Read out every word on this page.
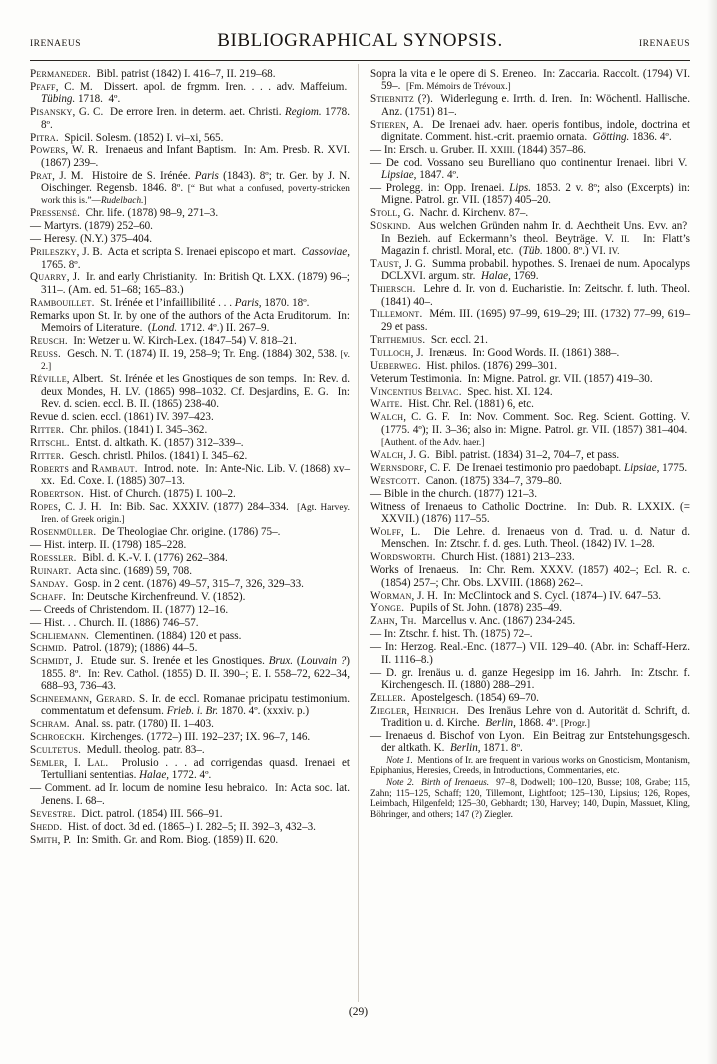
IRENAEUS	BIBLIOGRAPHICAL SYNOPSIS.	IRENAEUS

Permaneder.  Bibl. patrist (1842) I. 416–7, II. 219–68.

Pfaff, C. M.  Dissert. apol. de frgmm. Iren. . . . adv. Maffeium.  Tübing. 1718.  4º.

Pisansky, G. C.  De errore Iren. in determ. aet. Christi. Regiom. 1778. 8º.

Pitra.  Spicil. Solesm. (1852) I. vi–xi, 565.

Powers, W. R.  Irenaeus and Infant Baptism.  In: Am. Presb. R. XVI. (1867) 239–.

Prat, J. M.  Histoire de S. Irénée. Paris (1843). 8º; tr. Ger. by J. N. Oischinger. Regensb. 1846. 8º. [“ But what a confused, poverty-stricken work this is.”—Rudelbach.]

Pressensé.  Chr. life. (1878) 98–9, 271–3.

— Martyrs. (1879) 252–60.

— Heresy. (N.Y.) 375–404.

Prileszky, J. B.  Acta et scripta S. Irenaei episcopo et mart.  Cassoviae, 1765. 8º.

Quarry, J.  Ir. and early Christianity.  In: British Qt. LXX. (1879) 96–; 311–. (Am. ed. 51–68; 165–83.)

Rambouillet.  St. Irénée et l’infaillibilité . . . Paris, 1870. 18º.

Remarks upon St. Ir. by one of the authors of the Acta Eruditorum.  In: Memoirs of Literature.  (Lond. 1712. 4º.) II. 267–9.

Reusch.  In: Wetzer u. W. Kirch-Lex. (1847–54) V. 818–21.

Reuss.  Gesch. N. T. (1874) II. 19, 258–9; Tr. Eng. (1884) 302, 538. [v. 2.]

Réville, Albert.  St. Irénée et les Gnostiques de son temps.  In: Rev. d. deux Mondes, H. LV. (1865) 998–1032. Cf. Desjardins, E. G.  In: Rev. d. scien. eccl. B. II. (1865) 238-40.

Revue d. scien. eccl. (1861) IV. 397–423.

Ritter.  Chr. philos. (1841) I. 345–362.

Ritschl.  Entst. d. altkath. K. (1857) 312–339–.

Ritter.  Gesch. christl. Philos. (1841) I. 345–62.

Roberts and Rambaut.  Introd. note.  In: Ante-Nic. Lib. V. (1868) xv–xx.  Ed. Coxe. I. (1885) 307–13.

Robertson.  Hist. of Church. (1875) I. 100–2.

Ropes, C. J. H.  In: Bib. Sac. XXXIV. (1877) 284–334.  [Agt. Harvey. Iren. of Greek origin.]

Rosenmüller.  De Theologiae Chr. origine. (1786) 75–.

— Hist. interp. II. (1798) 185–228.

Roessler.  Bibl. d. K.-V. I. (1776) 262–384.

Ruinart.  Acta sinc. (1689) 59, 708.

Sanday.  Gosp. in 2 cent. (1876) 49–57, 315–7, 326, 329–33.

Schaff.  In: Deutsche Kirchenfreund. V. (1852).

— Creeds of Christendom. II. (1877) 12–16.

— Hist. . . Church. II. (1886) 746–57.

Schliemann.  Clementinen. (1884) 120 et pass.

Schmid.  Patrol. (1879); (1886) 44–5.

Schmidt, J.  Etude sur. S. Irenée et les Gnostiques. Brux. (Louvain ?) 1855. 8º.  In: Rev. Cathol. (1855) D. II. 390–; E. I. 558–72, 622–34, 688–93, 736–43.

Schneemann, Gerard. S. Ir. de eccl. Romanae pricipatu testimonium. commentatum et defensum. Frieb. i. Br. 1870. 4º. (xxxiv. p.)

Schram.  Anal. ss. patr. (1780) II. 1–403.

Schroeckh.  Kirchenges. (1772–) III. 192–237; IX. 96–7, 146.

Scultetus.  Medull. theolog. patr. 83–.

Semler, I. Lal.  Prolusio . . . ad corrigendas quasd. Irenaei et Tertulliani sententias. Halae, 1772. 4º.

— Comment. ad Ir. locum de nomine Iesu hebraico.  In: Acta soc. lat. Jenens. I. 68–.

Sevestre.  Dict. patrol. (1854) III. 566–91.

Shedd.  Hist. of doct. 3d ed. (1865–) I. 282–5; II. 392–3, 432–3.

Smith, P.  In: Smith. Gr. and Rom. Biog. (1859) II. 620.

Sopra la vita e le opere di S. Ereneo.  In: Zaccaria. Raccolt. (1794) VI. 59–.  [Fm. Mémoirs de Trévoux.]

Stiebnitz (?).  Widerlegung e. Irrth. d. Iren.  In: Wöchentl. Hallische. Anz. (1751) 81–.

Stieren, A.  De Irenaei adv. haer. operis fontibus, indole, doctrina et dignitate. Comment. hist.-crit. praemio ornata.  Götting. 1836. 4º.

— In: Ersch. u. Gruber. II. XXIII. (1844) 357–86.

— De cod. Vossano seu Burelliano quo continentur Irenaei. libri V.  Lipsiae, 1847. 4º.

— Prolegg. in: Opp. Irenaei. Lips. 1853. 2 v. 8º; also (Excerpts) in: Migne. Patrol. gr. VII. (1857) 405–20.

Stoll, G.  Nachr. d. Kirchenv. 87–.

Süskind.  Aus welchen Gründen nahm Ir. d. Aechtheit Uns. Evv. an?  In Bezieh. auf Eckermann’s theol. Beyträge. V. II.  In: Flatt’s Magazin f. christl. Moral, etc.  (Tüb. 1800. 8º.) VI. IV.

Taust, J. G.  Summa probabil. hypothes. S. Irenaei de num. Apocalyps DCLXVI. argum. str.  Halae, 1769.

Thiersch.  Lehre d. Ir. von d. Eucharistie. In: Zeitschr. f. luth. Theol. (1841) 40–.

Tillemont.  Mém. III. (1695) 97–99, 619–29; III. (1732) 77–99, 619–29 et pass.

Trithemius.  Scr. eccl. 21.

Tulloch, J.  Irenæus.  In: Good Words. II. (1861) 388–.

Ueberweg.  Hist. philos. (1876) 299–301.

Veterum Testimonia.  In: Migne. Patrol. gr. VII. (1857) 419–30.

Vincentius Belvac.  Spec. hist. XI. 124.

Waite.  Hist. Chr. Rel. (1881) 6, etc.

Walch, C. G. F.  In: Nov. Comment. Soc. Reg. Scient. Gotting. V. (1775. 4º); II. 3–36; also in: Migne. Patrol. gr. VII. (1857) 381–404.  [Authent. of the Adv. haer.]

Walch, J. G.  Bibl. patrist. (1834) 31–2, 704–7, et pass.

Wernsdorf, C. F.  De Irenaei testimonio pro paedobapt. Lipsiae, 1775.

Westcott.  Canon. (1875) 334–7, 379–80.

— Bible in the church. (1877) 121–3.

Witness of Irenaeus to Catholic Doctrine.  In: Dub. R. LXXIX. (= XXVII.) (1876) 117–55.

Wolff, L.  Die Lehre. d. Irenaeus von d. Trad. u. d. Natur d. Menschen.  In: Ztschr. f. d. ges. Luth. Theol. (1842) IV. 1–28.

Wordsworth.  Church Hist. (1881) 213–233.

Works of Irenaeus.  In: Chr. Rem. XXXV. (1857) 402–; Ecl. R. c. (1854) 257–; Chr. Obs. LXVIII. (1868) 262–.

Worman, J. H.  In: McClintock and S. Cycl. (1874–) IV. 647–53.

Yonge.  Pupils of St. John. (1878) 235–49.

Zahn, Th.  Marcellus v. Anc. (1867) 234-245.

— In: Ztschr. f. hist. Th. (1875) 72–.

— In: Herzog. Real.-Enc. (1877–) VII. 129–40. (Abr. in: Schaff-Herz. II. 1116–8.)

— D. gr. Irenäus u. d. ganze Hegesipp im 16. Jahrh.  In: Ztschr. f. Kirchengesch. II. (1880) 288–291.

Zeller.  Apostelgesch. (1854) 69–70.

Ziegler, Heinrich.  Des Irenäus Lehre von d. Autorität d. Schrift, d. Tradition u. d. Kirche.  Berlin, 1868. 4º. [Progr.]

— Irenaeus d. Bischof von Lyon.  Ein Beitrag zur Entstehungsgesch. der altkath. K.  Berlin, 1871. 8º.

Note 1.  Mentions of Ir. are frequent in various works on Gnosticism, Montanism, Epiphanius, Heresies, Creeds, in Introductions, Commentaries, etc.

Note 2. Birth of Irenaeus.  97–8, Dodwell; 100–120, Busse; 108, Grabe; 115, Zahn; 115–125, Schaff; 120, Tillemont, Lightfoot; 125–130, Lipsius; 126, Ropes, Leimbach, Hilgenfeld; 125–30, Gebhardt; 130, Harvey; 140, Dupin, Massuet, Kling, Böhringer, and others; 147 (?) Ziegler.

(29)
